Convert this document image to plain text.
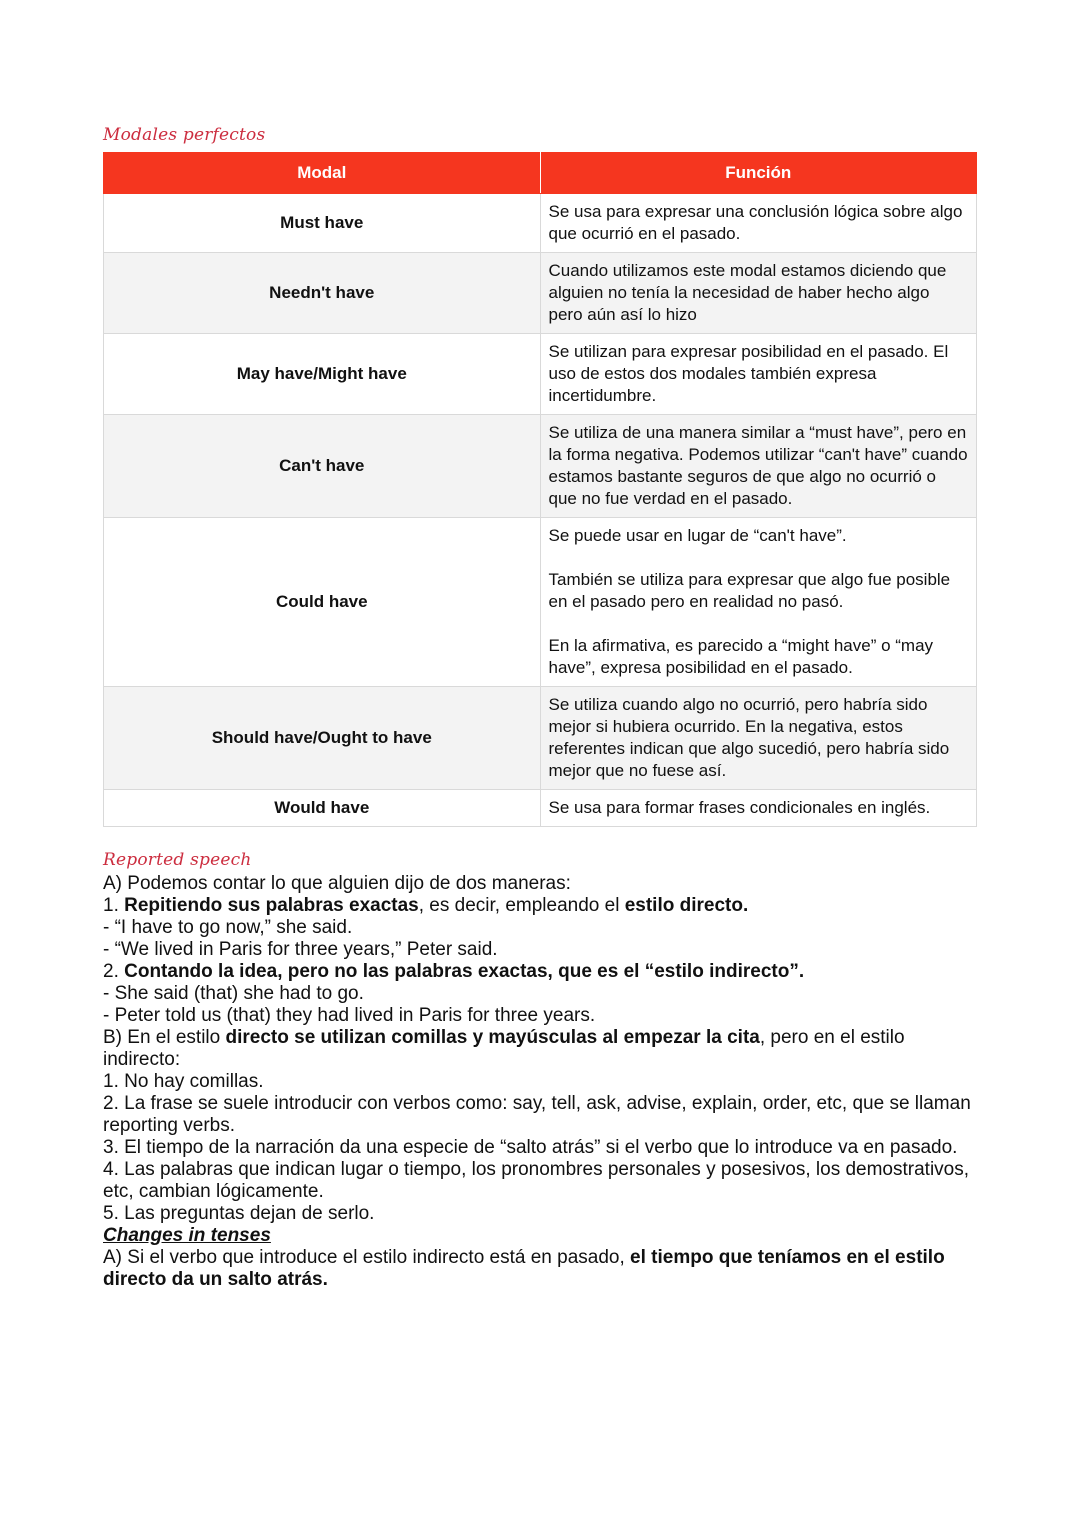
Modales perfectos
Modal	Función
Must have	Se usa para expresar una conclusión lógica sobre algo que ocurrió en el pasado.

Needn't have	Cuando utilizamos este modal estamos diciendo que alguien no tenía la necesidad de haber hecho algo pero aún así lo hizo

May have/Might have	Se utilizan para expresar posibilidad en el pasado. El uso de estos dos modales también expresa incertidumbre.

Can't have	Se utiliza de una manera similar a “must have”, pero en la forma negativa. Podemos utilizar “can't have” cuando estamos bastante seguros de que algo no ocurrió o que no fue verdad en el pasado.

Could have	Se puede usar en lugar de “can't have”.

También se utiliza para expresar que algo fue posible en el pasado pero en realidad no pasó.

En la afirmativa, es parecido a “might have” o “may have”, expresa posibilidad en el pasado.

Should have/Ought to have	Se utiliza cuando algo no ocurrió, pero habría sido mejor si hubiera ocurrido. En la negativa, estos referentes indican que algo sucedió, pero habría sido mejor que no fuese así.

Would have	Se usa para formar frases condicionales en inglés.

Reported speech

A) Podemos contar lo que alguien dijo de dos maneras:

1. Repitiendo sus palabras exactas, es decir, empleando el estilo directo.

- “I have to go now,” she said.

- “We lived in Paris for three years,” Peter said.

2. Contando la idea, pero no las palabras exactas, que es el “estilo indirecto”.

- She said (that) she had to go.

- Peter told us (that) they had lived in Paris for three years.

B) En el estilo directo se utilizan comillas y mayúsculas al empezar la cita, pero en el estilo indirecto:

1. No hay comillas.

2. La frase se suele introducir con verbos como: say, tell, ask, advise, explain, order, etc, que se llaman reporting verbs.

3. El tiempo de la narración da una especie de “salto atrás” si el verbo que lo introduce va en pasado.

4. Las palabras que indican lugar o tiempo, los pronombres personales y posesivos, los demostrativos, etc, cambian lógicamente.

5. Las preguntas dejan de serlo.

Changes in tenses

A) Si el verbo que introduce el estilo indirecto está en pasado, el tiempo que teníamos en el estilo directo da un salto atrás.
